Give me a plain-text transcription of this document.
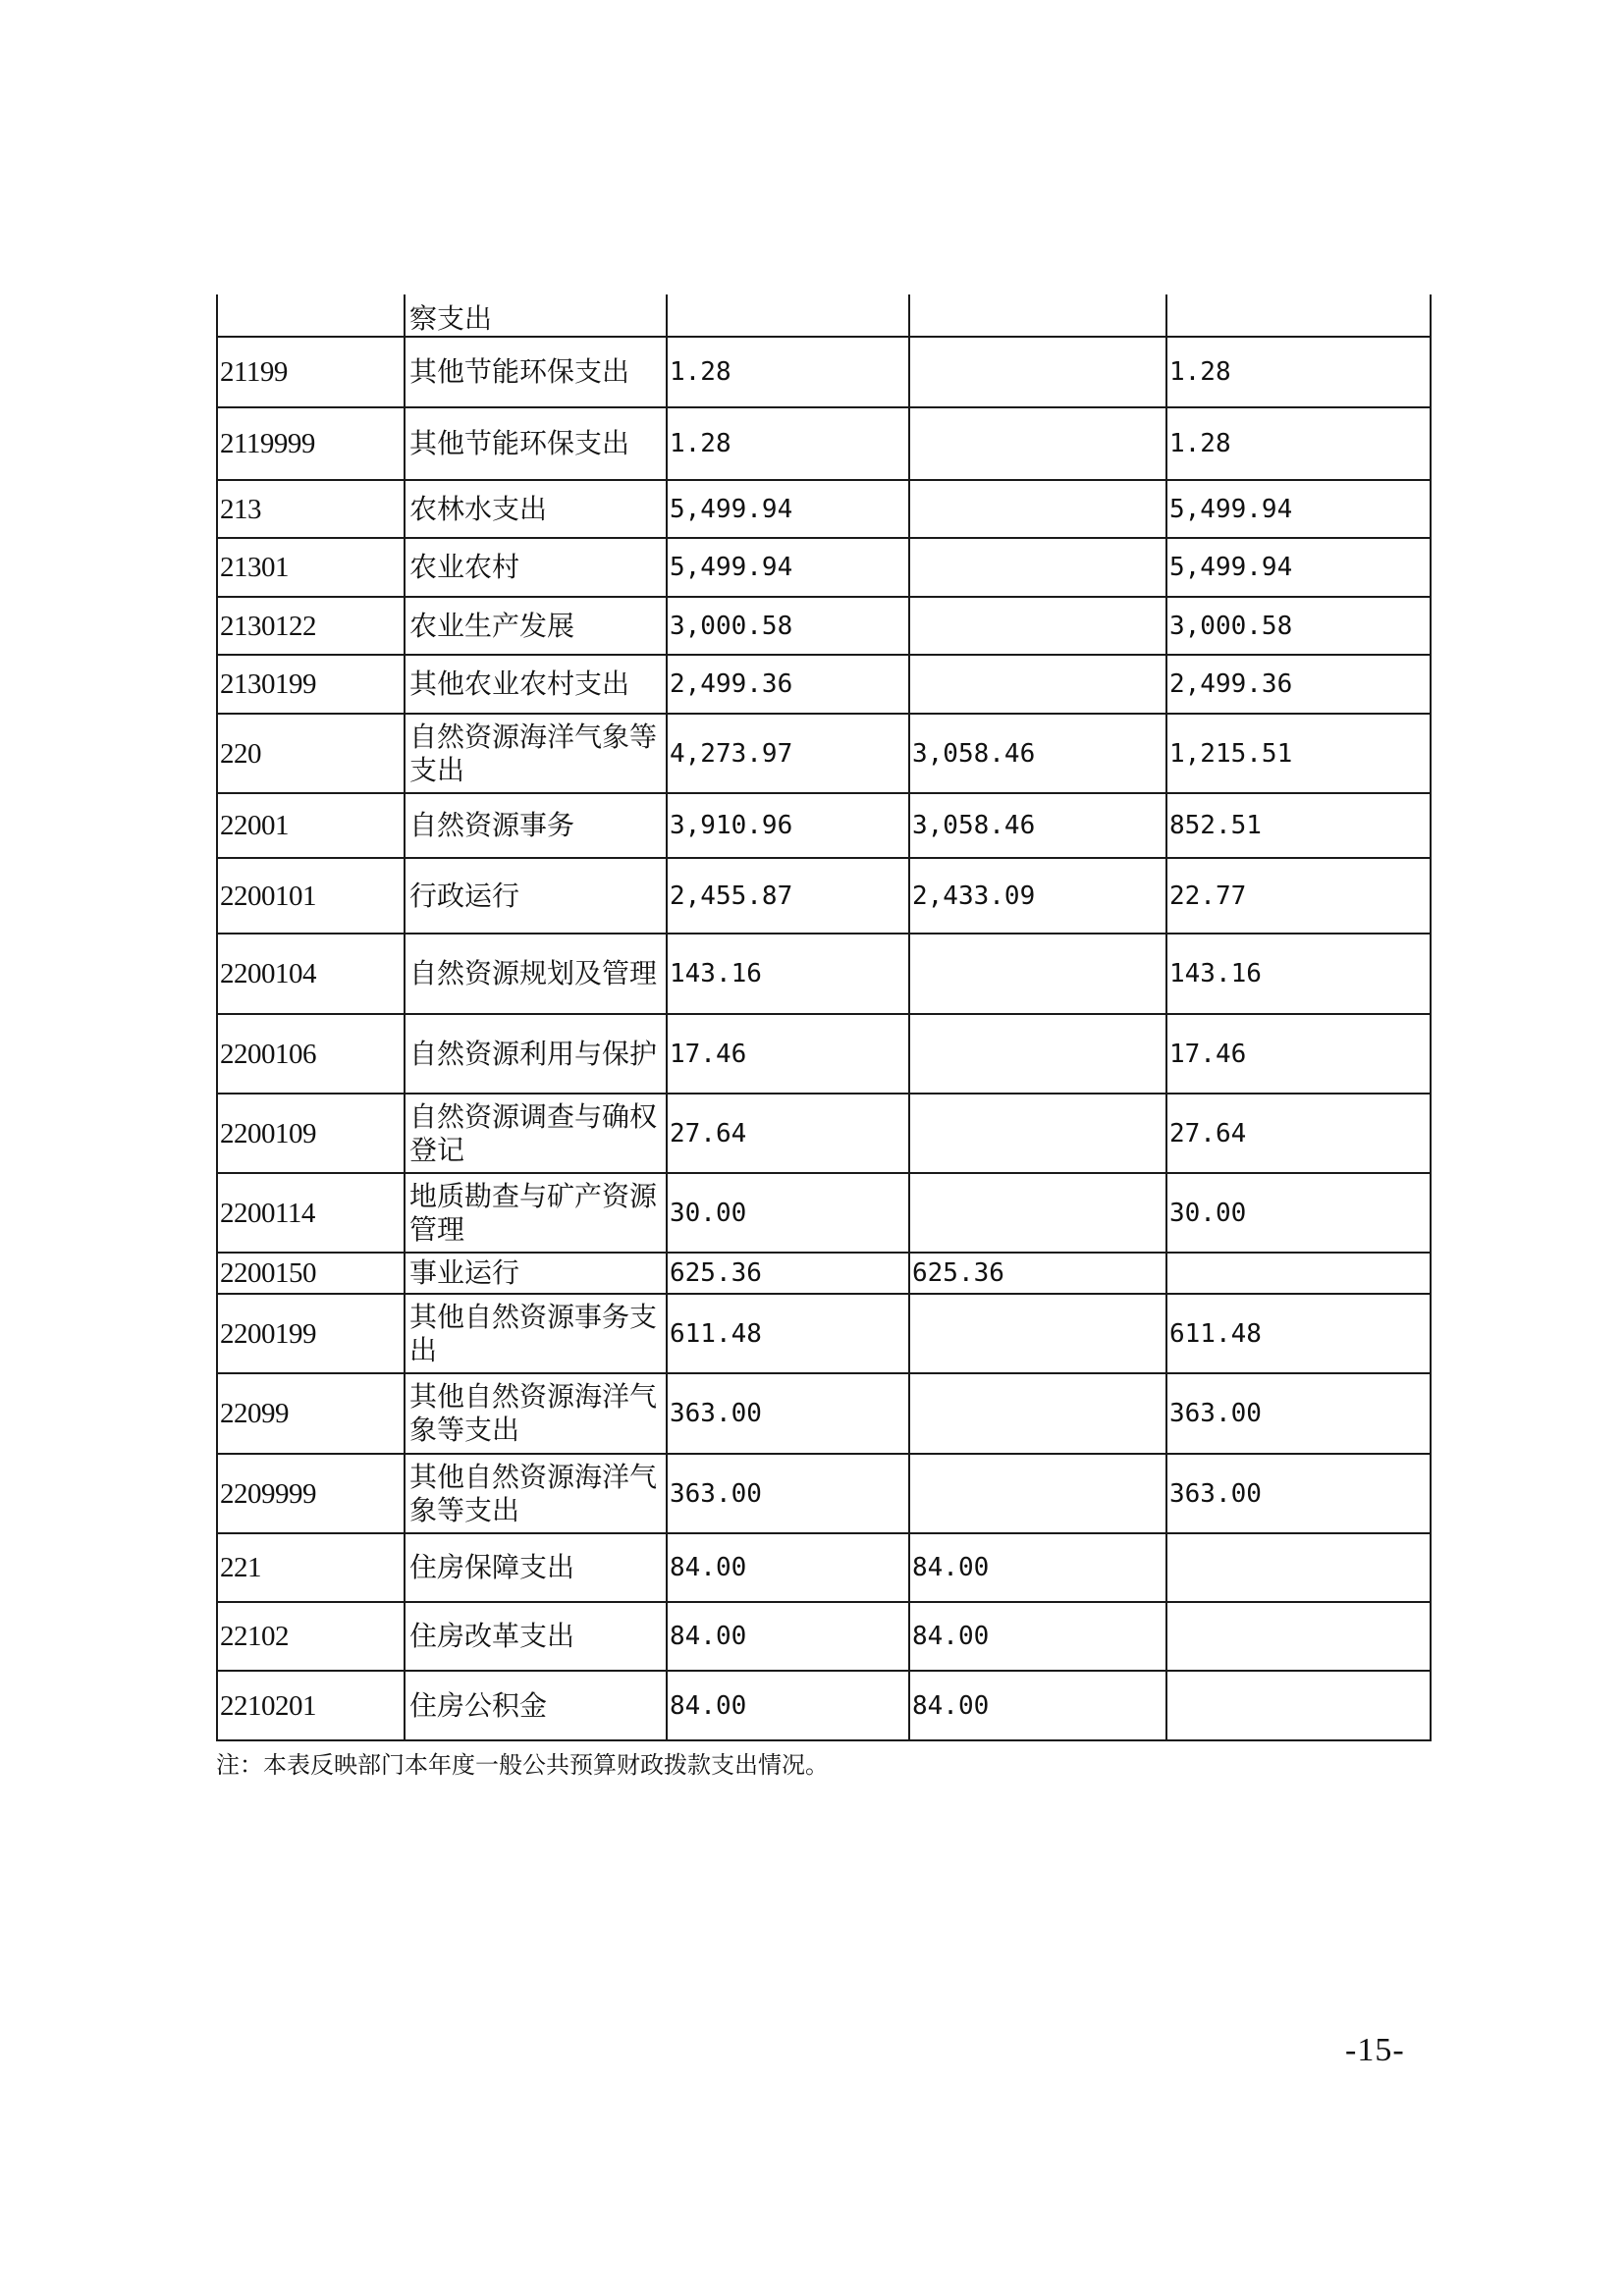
	察支出			
21199	其他节能环保支出	1.28		1.28
2119999	其他节能环保支出	1.28		1.28
213	农林水支出	5,499.94		5,499.94
21301	农业农村	5,499.94		5,499.94
2130122	农业生产发展	3,000.58		3,000.58
2130199	其他农业农村支出	2,499.36		2,499.36
220	自然资源海洋气象等支出	4,273.97	3,058.46	1,215.51
22001	自然资源事务	3,910.96	3,058.46	852.51
2200101	行政运行	2,455.87	2,433.09	22.77
2200104	自然资源规划及管理	143.16		143.16
2200106	自然资源利用与保护	17.46		17.46
2200109	自然资源调查与确权登记	27.64		27.64
2200114	地质勘查与矿产资源管理	30.00		30.00
2200150	事业运行	625.36	625.36	
2200199	其他自然资源事务支出	611.48		611.48
22099	其他自然资源海洋气象等支出	363.00		363.00
2209999	其他自然资源海洋气象等支出	363.00		363.00
221	住房保障支出	84.00	84.00	
22102	住房改革支出	84.00	84.00	
2210201	住房公积金	84.00	84.00	
注：本表反映部门本年度一般公共预算财政拨款支出情况。
-15-
